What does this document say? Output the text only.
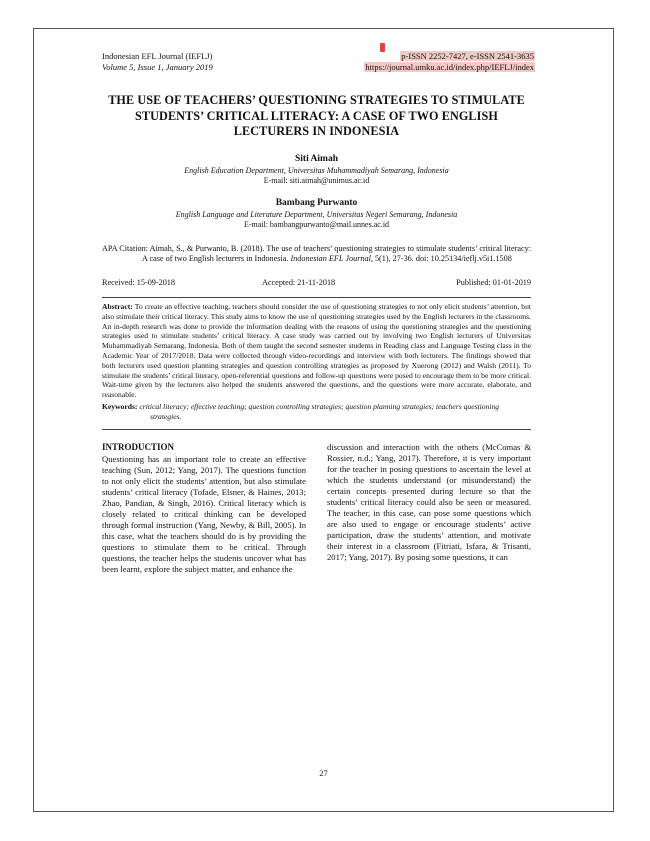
Indonesian EFL Journal (IEFLJ)
Volume 5, Issue 1, January 2019
p-ISSN 2252-7427, e-ISSN 2541-3635
https://journal.umku.ac.id/index.php/IEFLJ/index
THE USE OF TEACHERS’ QUESTIONING STRATEGIES TO STIMULATE STUDENTS’ CRITICAL LITERACY: A CASE OF TWO ENGLISH LECTURERS IN INDONESIA
Siti Aimah
English Education Department, Universitas Muhammadiyah Semarang, Indonesia
E-mail: siti.aimah@unimus.ac.id
Bambang Purwanto
English Language and Literature Department, Universitas Negeri Semarang, Indonesia
E-mail: bambangpurwanto@mail.unnes.ac.id
APA Citation: Aimah, S., & Purwanto, B. (2018). The use of teachers’ questioning strategies to stimulate students’ critical literacy: A case of two English lecturers in Indonesia. Indonesian EFL Journal, 5(1), 27-36. doi: 10.25134/ieflj.v5i1.1508
Received: 15-09-2018	Accepted: 21-11-2018	Published: 01-01-2019
Abstract: To create an effective teaching, teachers should consider the use of questioning strategies to not only elicit students’ attention, but also stimulate their critical literacy. This study aims to know the use of questioning strategies used by the English lecturers in the classrooms. An in-depth research was done to provide the information dealing with the reasons of using the questioning strategies and the questioning strategies used to stimulate students’ critical literacy. A case study was carried out by involving two English lecturers of Universitas Muhammadiyah Semarang, Indonesia. Both of them taught the second semester students in Reading class and Language Testing class in the Academic Year of 2017/2018. Data were collected through video-recordings and interview with both lecturers. The findings showed that both lecturers used question planning strategies and question controlling strategies as proposed by Xuerong (2012) and Walsh (2011). To stimulate the students’ critical literacy, open-referential questions and follow-up questions were posed to encourage them to be more critical. Wait-time given by the lecturers also helped the students answered the questions, and the questions were more accurate, elaborate, and reasonable.
Keywords: critical literacy; effective teaching; question controlling strategies; question planning strategies; teachers questioning strategies.
INTRODUCTION
Questioning has an important role to create an effective teaching (Sun, 2012; Yang, 2017). The questions function to not only elicit the students’ attention, but also stimulate students’ critical literacy (Tofade, Elsner, & Haines, 2013; Zhao, Pandian, & Singh, 2016). Critical literacy which is closely related to critical thinking can be developed through formal instruction (Yang, Newby, & Bill, 2005). In this case, what the teachers should do is by providing the questions to stimulate them to be critical. Through questions, the teacher helps the students uncover what has been learnt, explore the subject matter, and enhance the
discussion and interaction with the others (McComas & Rossier, n.d.; Yang, 2017). Therefore, it is very important for the teacher in posing questions to ascertain the level at which the students understand (or misunderstand) the certain concepts presented during lecture so that the students’ critical literacy could also be seen or measured. The teacher, in this case, can pose some questions which are also used to engage or encourage students’ active participation, draw the students’ attention, and motivate their interest in a classroom (Fitriati, Isfara, & Trisanti, 2017; Yang, 2017). By posing some questions, it can
27
